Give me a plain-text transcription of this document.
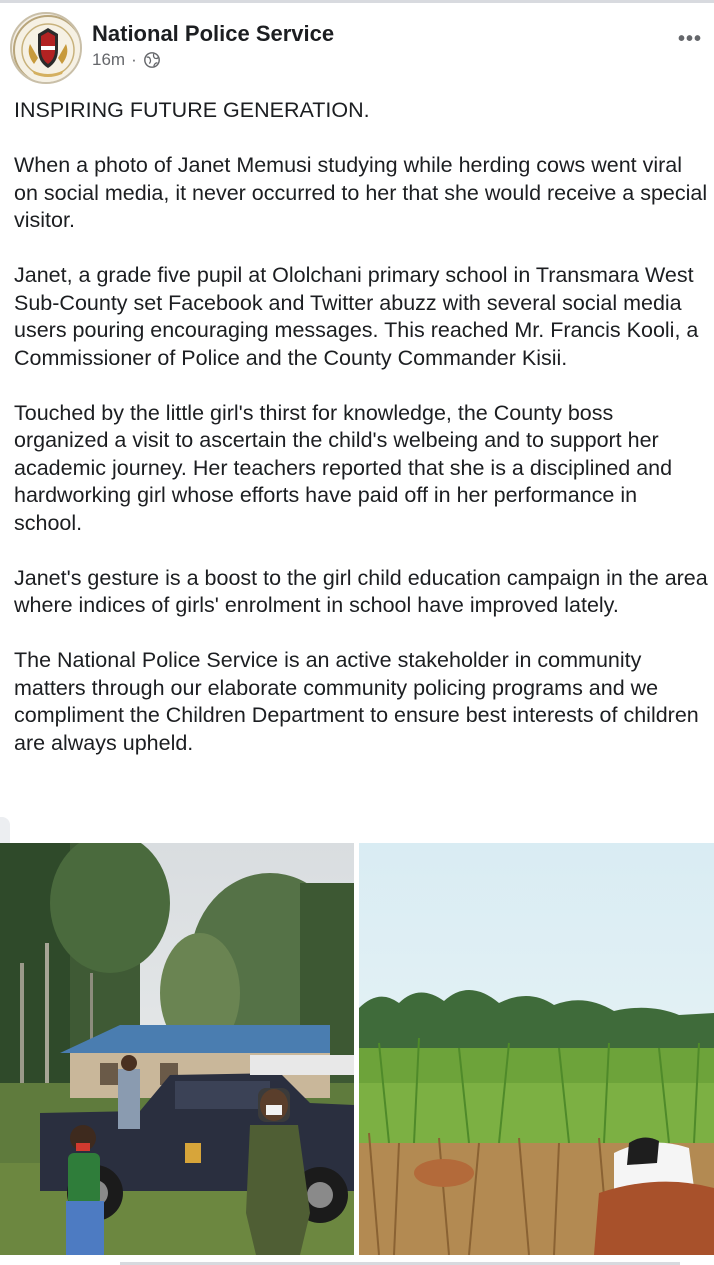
National Police Service
16m ·
•••

INSPIRING FUTURE GENERATION.

When a photo of Janet Memusi studying while herding cows went viral on social media, it never occurred to her that she would receive a special visitor.

Janet, a grade five pupil at Ololchani primary school in Transmara West Sub-County set Facebook and Twitter abuzz with several social media users pouring encouraging messages. This reached Mr. Francis Kooli, a Commissioner of Police and the County Commander Kisii.

Touched by the little girl's thirst for knowledge, the County boss organized a visit to ascertain the child's welbeing and to support her academic journey. Her teachers reported that she is a disciplined and hardworking girl whose efforts have paid off in her performance in school.

Janet's gesture is a boost to the girl child education campaign in the area where indices of girls' enrolment in school have improved lately.

The National Police Service is an active stakeholder in community matters through our elaborate community policing programs and we compliment the Children Department to ensure best interests of children are always upheld.
